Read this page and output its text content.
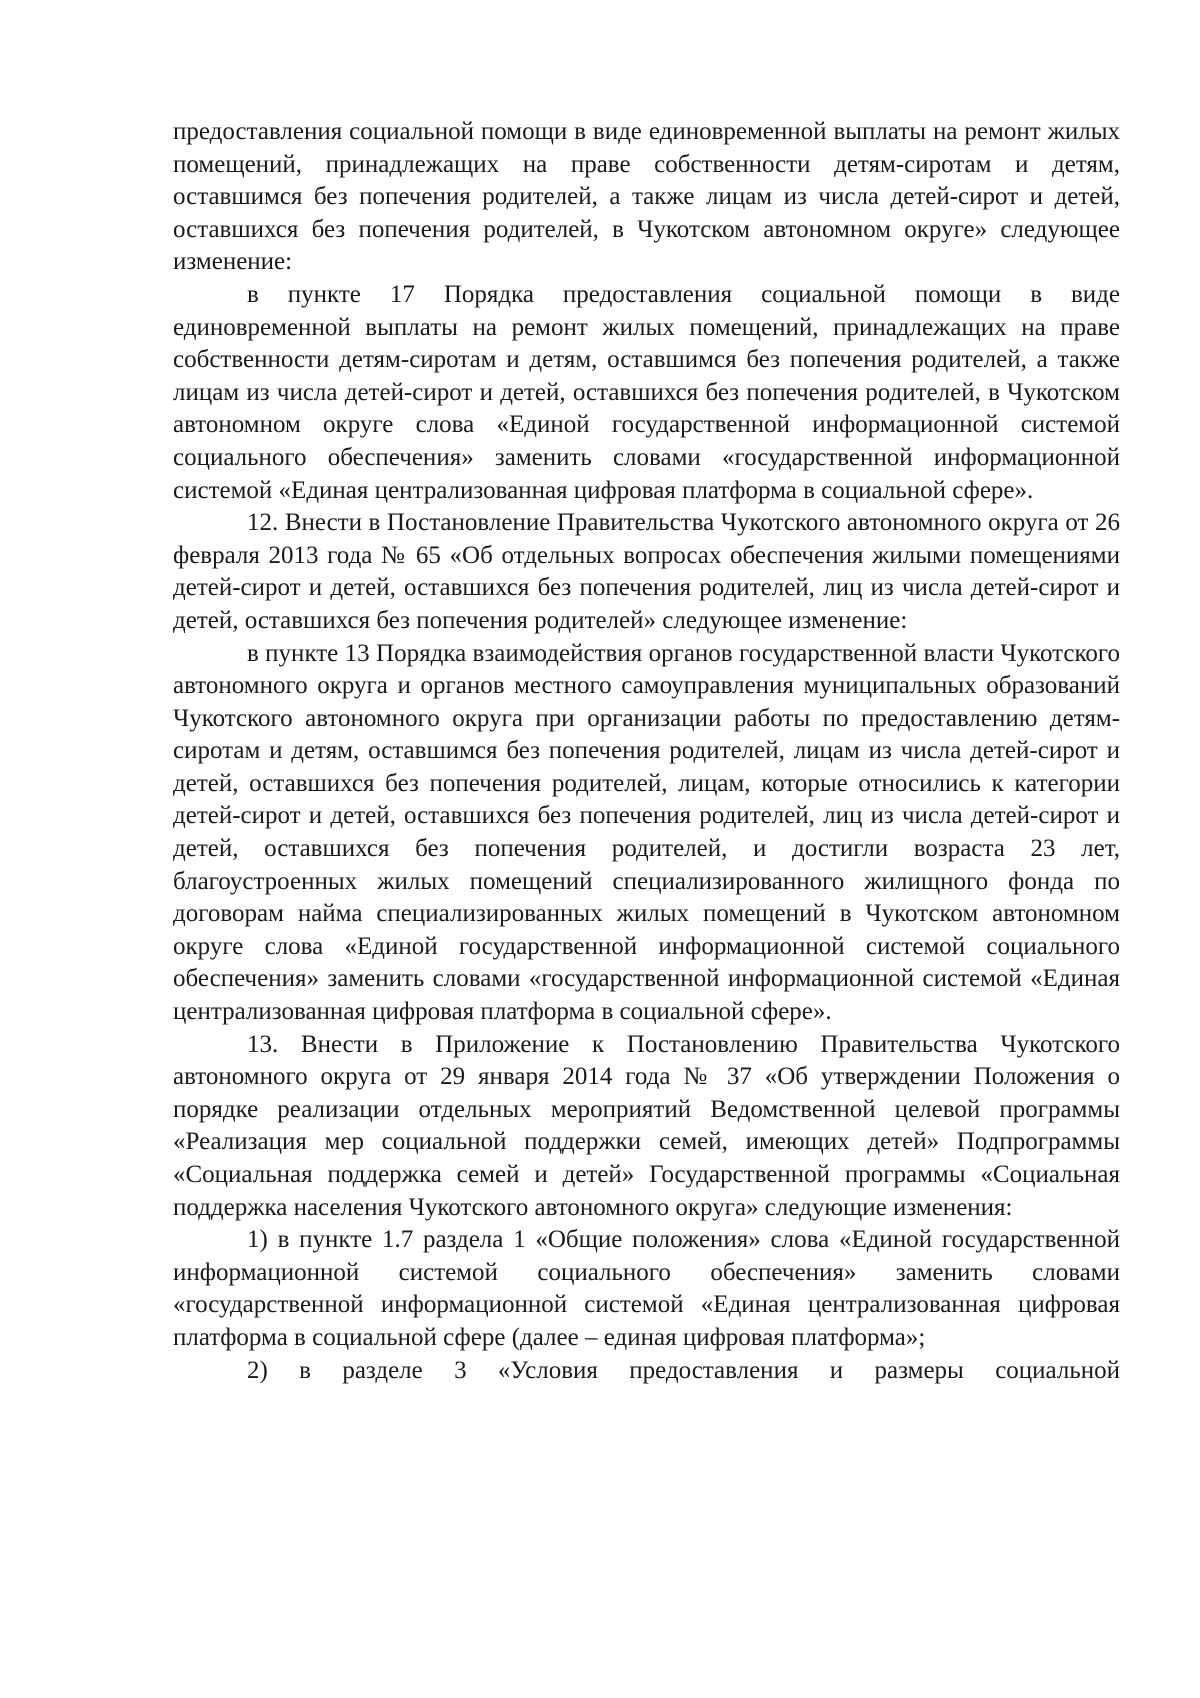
предоставления социальной помощи в виде единовременной выплаты на ремонт жилых помещений, принадлежащих на праве собственности детям-сиротам и детям, оставшимся без попечения родителей, а также лицам из числа детей-сирот и детей, оставшихся без попечения родителей, в Чукотском автономном округе» следующее изменение:

в пункте 17 Порядка предоставления социальной помощи в виде единовременной выплаты на ремонт жилых помещений, принадлежащих на праве собственности детям-сиротам и детям, оставшимся без попечения родителей, а также лицам из числа детей-сирот и детей, оставшихся без попечения родителей, в Чукотском автономном округе слова «Единой государственной информационной системой социального обеспечения» заменить словами «государственной информационной системой «Единая централизованная цифровая платформа в социальной сфере».

12. Внести в Постановление Правительства Чукотского автономного округа от 26 февраля 2013 года № 65 «Об отдельных вопросах обеспечения жилыми помещениями детей-сирот и детей, оставшихся без попечения родителей, лиц из числа детей-сирот и детей, оставшихся без попечения родителей» следующее изменение:

в пункте 13 Порядка взаимодействия органов государственной власти Чукотского автономного округа и органов местного самоуправления муниципальных образований Чукотского автономного округа при организации работы по предоставлению детям-сиротам и детям, оставшимся без попечения родителей, лицам из числа детей-сирот и детей, оставшихся без попечения родителей, лицам, которые относились к категории детей-сирот и детей, оставшихся без попечения родителей, лиц из числа детей-сирот и детей, оставшихся без попечения родителей, и достигли возраста 23 лет, благоустроенных жилых помещений специализированного жилищного фонда по договорам найма специализированных жилых помещений в Чукотском автономном округе слова «Единой государственной информационной системой социального обеспечения» заменить словами «государственной информационной системой «Единая централизованная цифровая платформа в социальной сфере».

13. Внести в Приложение к Постановлению Правительства Чукотского автономного округа от 29 января 2014 года № 37 «Об утверждении Положения о порядке реализации отдельных мероприятий Ведомственной целевой программы «Реализация мер социальной поддержки семей, имеющих детей» Подпрограммы «Социальная поддержка семей и детей» Государственной программы «Социальная поддержка населения Чукотского автономного округа» следующие изменения:

1) в пункте 1.7 раздела 1 «Общие положения» слова «Единой государственной информационной системой социального обеспечения» заменить словами «государственной информационной системой «Единая централизованная цифровая платформа в социальной сфере (далее – единая цифровая платформа»;

2) в разделе 3 «Условия предоставления и размеры социальной
